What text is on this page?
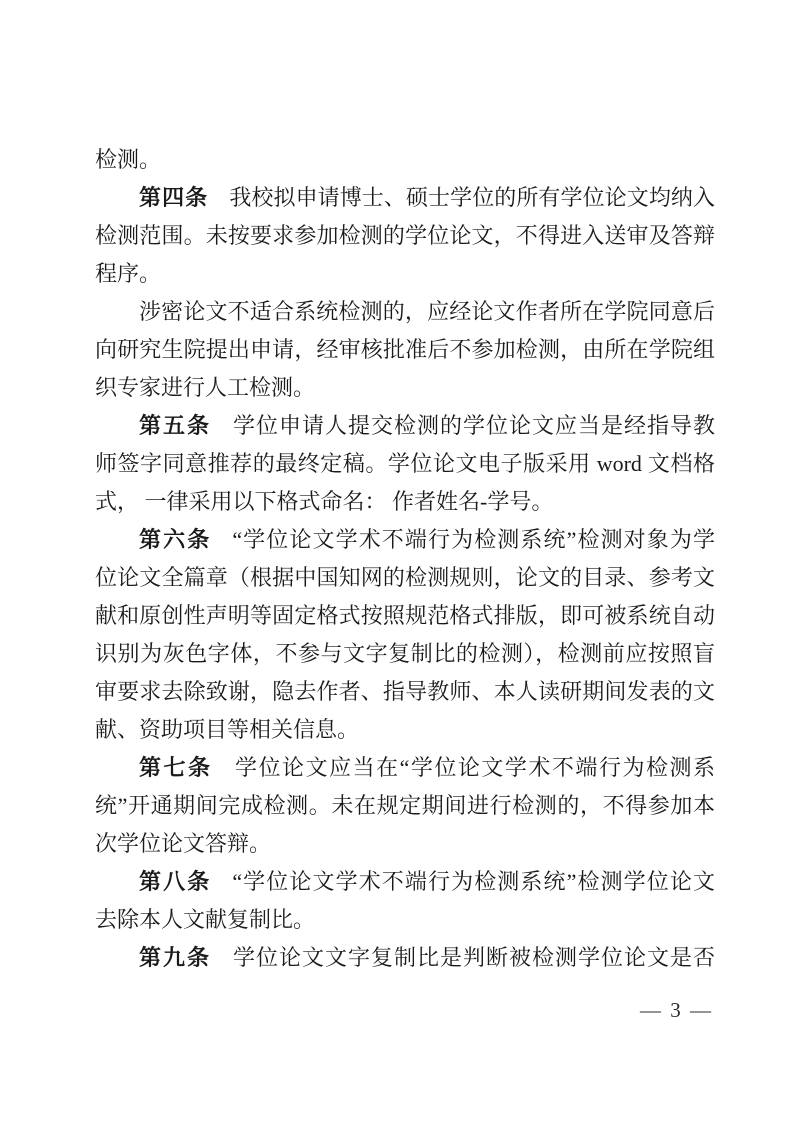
检测。
第四条 我校拟申请博士、硕士学位的所有学位论文均纳入
检测范围。未按要求参加检测的学位论文，不得进入送审及答辩
程序。
涉密论文不适合系统检测的，应经论文作者所在学院同意后
向研究生院提出申请，经审核批准后不参加检测，由所在学院组
织专家进行人工检测。
第五条 学位申请人提交检测的学位论文应当是经指导教
师签字同意推荐的最终定稿。学位论文电子版采用 word 文档格
式， 一律采用以下格式命名： 作者姓名-学号。
第六条 “学位论文学术不端行为检测系统”检测对象为学
位论文全篇章（根据中国知网的检测规则，论文的目录、参考文
献和原创性声明等固定格式按照规范格式排版，即可被系统自动
识别为灰色字体，不参与文字复制比的检测），检测前应按照盲
审要求去除致谢，隐去作者、指导教师、本人读研期间发表的文
献、资助项目等相关信息。
第七条 学位论文应当在“学位论文学术不端行为检测系
统”开通期间完成检测。未在规定期间进行检测的，不得参加本
次学位论文答辩。
第八条 “学位论文学术不端行为检测系统”检测学位论文
去除本人文献复制比。
第九条 学位论文文字复制比是判断被检测学位论文是否
— 3 —
